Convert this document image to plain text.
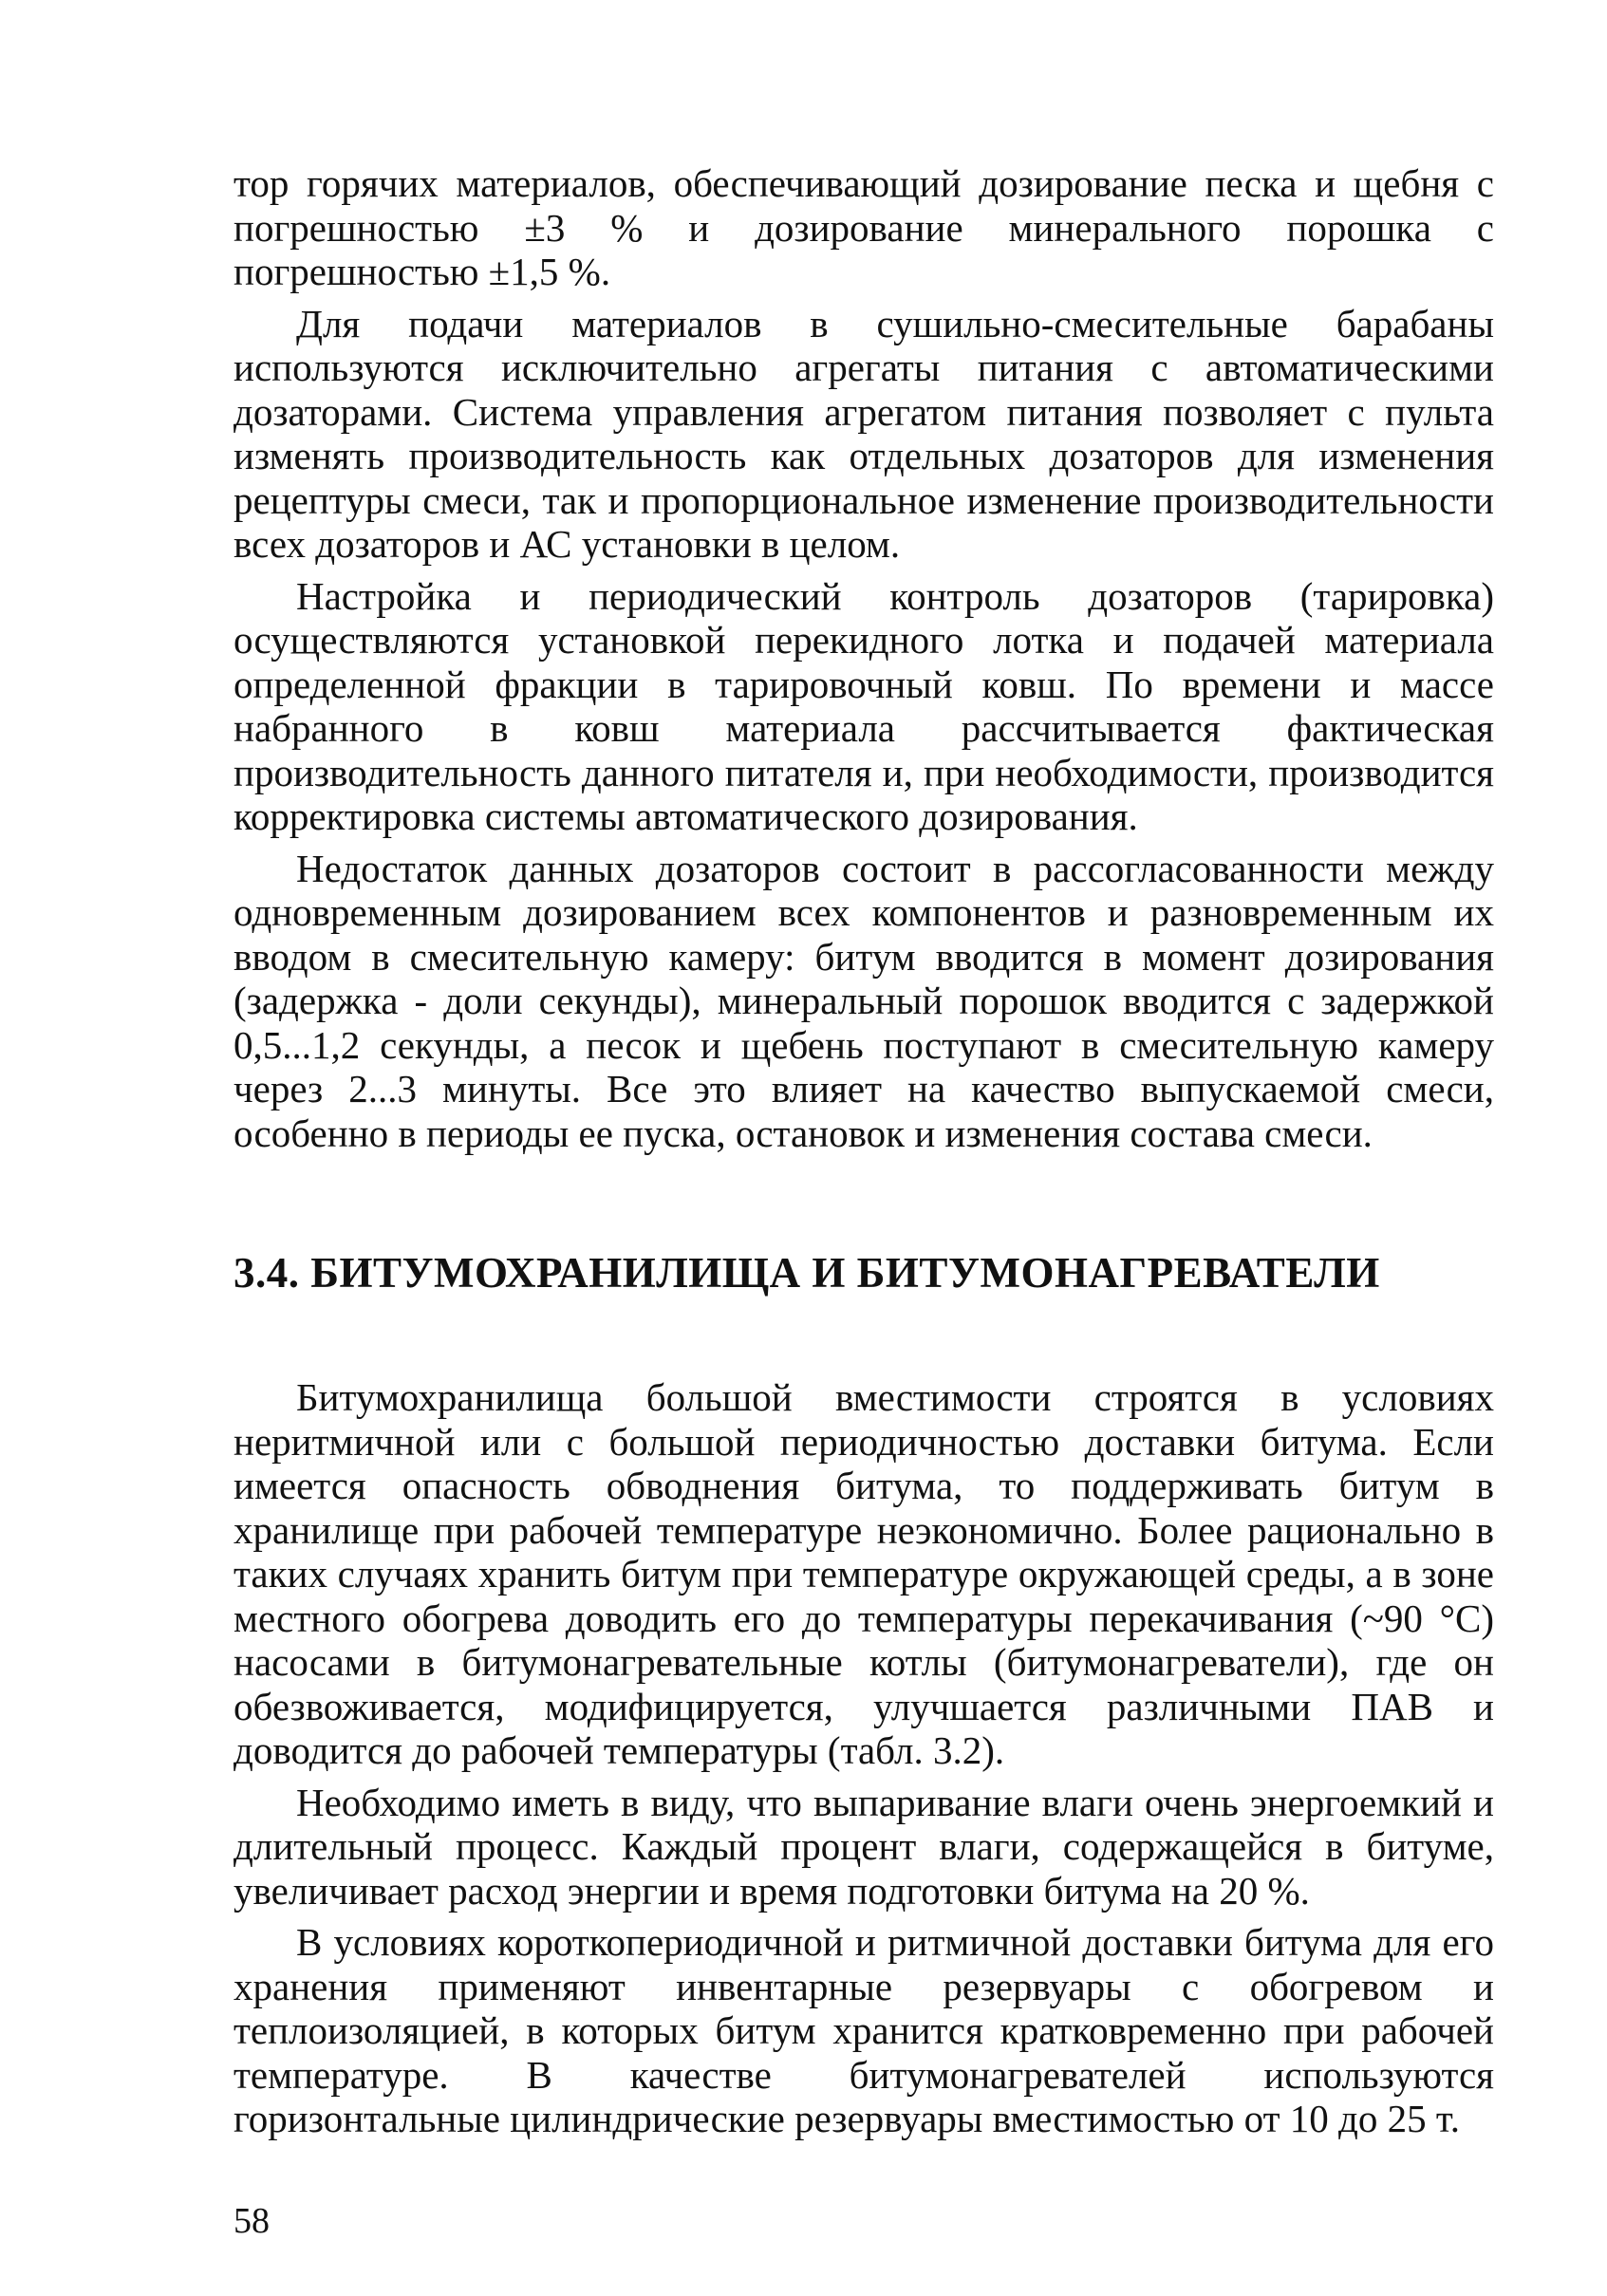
тор горячих материалов, обеспечивающий дозирование песка и щебня с погрешностью ±3 % и дозирование минерального порошка с погрешностью ±1,5 %.

Для подачи материалов в сушильно-смесительные барабаны используются исключительно агрегаты питания с автоматическими дозаторами. Система управления агрегатом питания позволяет с пульта изменять производительность как отдельных дозаторов для изменения рецептуры смеси, так и пропорциональное изменение производительности всех дозаторов и АС установки в целом.

Настройка и периодический контроль дозаторов (тарировка) осуществляются установкой перекидного лотка и подачей материала определенной фракции в тарировочный ковш. По времени и массе набранного в ковш материала рассчитывается фактическая производительность данного питателя и, при необходимости, производится корректировка системы автоматического дозирования.

Недостаток данных дозаторов состоит в рассогласованности между одновременным дозированием всех компонентов и разновременным их вводом в смесительную камеру: битум вводится в момент дозирования (задержка - доли секунды), минеральный порошок вводится с задержкой 0,5...1,2 секунды, а песок и щебень поступают в смесительную камеру через 2...3 минуты. Все это влияет на качество выпускаемой смеси, особенно в периоды ее пуска, остановок и изменения состава смеси.

3.4. БИТУМОХРАНИЛИЩА И БИТУМОНАГРЕВАТЕЛИ

Битумохранилища большой вместимости строятся в условиях неритмичной или с большой периодичностью доставки битума. Если имеется опасность обводнения битума, то поддерживать битум в хранилище при рабочей температуре неэкономично. Более рационально в таких случаях хранить битум при температуре окружающей среды, а в зоне местного обогрева доводить его до температуры перекачивания (~90 °С) насосами в битумонагревательные котлы (битумонагреватели), где он обезвоживается, модифицируется, улучшается различными ПАВ и доводится до рабочей температуры (табл. 3.2).

Необходимо иметь в виду, что выпаривание влаги очень энергоемкий и длительный процесс. Каждый процент влаги, содержащейся в битуме, увеличивает расход энергии и время подготовки битума на 20 %.

В условиях короткопериодичной и ритмичной доставки битума для его хранения применяют инвентарные резервуары с обогревом и теплоизоляцией, в которых битум хранится кратковременно при рабочей температуре. В качестве битумонагревателей используются горизонтальные цилиндрические резервуары вместимостью от 10 до 25 т.

58
